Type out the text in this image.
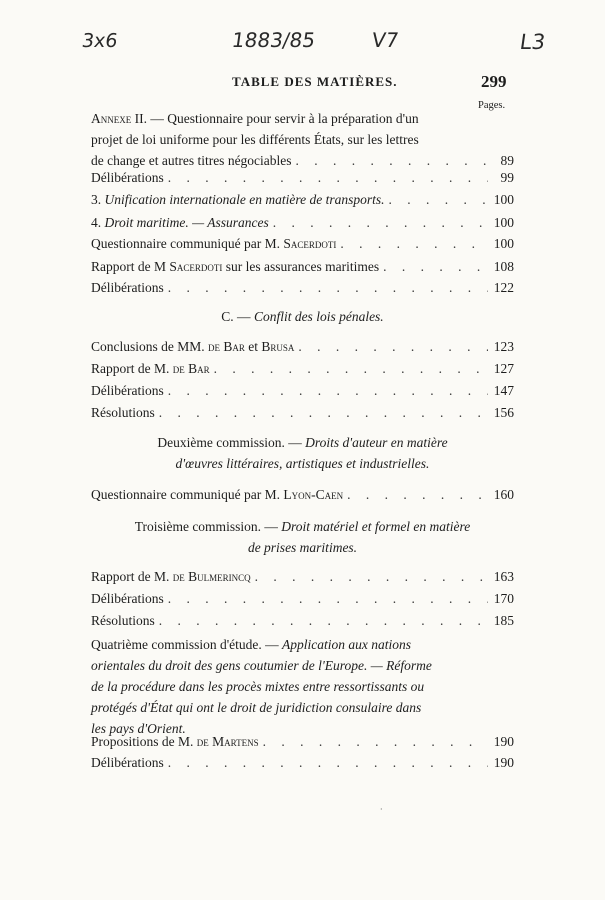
3x6	1883/85	V7	L3
TABLE DES MATIÈRES.	299
Pages.
Annexe II. — Questionnaire pour servir à la préparation d'un
projet de loi uniforme pour les différents États, sur les lettres
de change et autres titres négociables . . .	89
Délibérations . . .	99
3. Unification internationale en matière de transports. . . .	100
4. Droit maritime. — Assurances . . .	100
Questionnaire communiqué par M. Sacerdoti . . .	100
Rapport de M Sacerdoti sur les assurances maritimes . . .	108
Délibérations . . .	122
C. — Conflit des lois pénales.
Conclusions de MM. de Bar et Brusa . . .	123
Rapport de M. de Bar . . .	127
Délibérations . . .	147
Résolutions . . .	156
Deuxième commission. — Droits d'auteur en matière
d'œuvres littéraires, artistiques et industrielles.
Questionnaire communiqué par M. Lyon-Caen . . .	160
Troisième commission. — Droit matériel et formel en matière
de prises maritimes.
Rapport de M. de Bulmerincq . . .	163
Délibérations . . .	170
Résolutions . . .	185
Quatrième commission d'étude. — Application aux nations
orientales du droit des gens coutumier de l'Europe. — Réforme
de la procédure dans les procès mixtes entre ressortissants ou
protégés d'État qui ont le droit de juridiction consulaire dans
les pays d'Orient.
Propositions de M. de Martens . . .	190
Délibérations . . .	190
·
